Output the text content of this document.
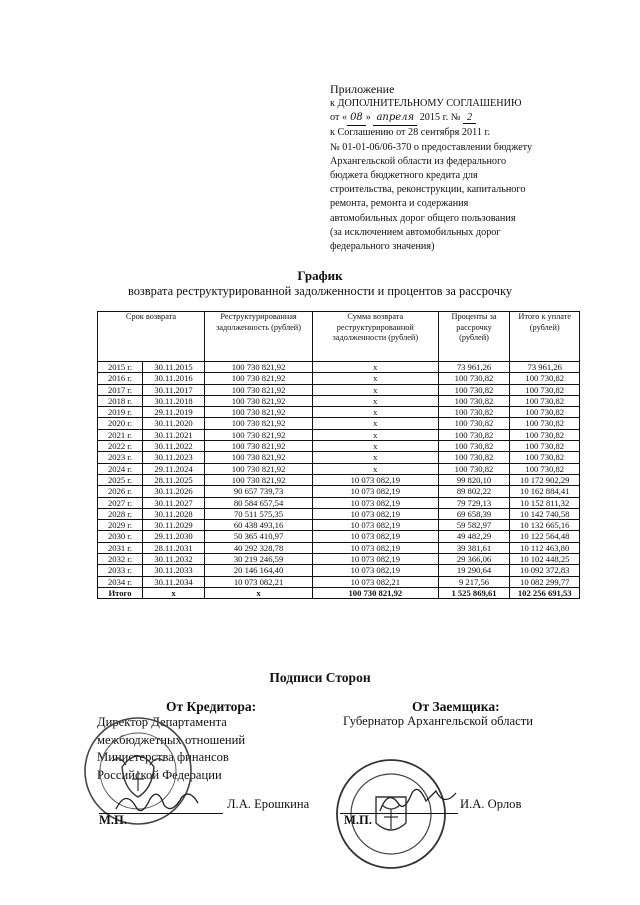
Приложение
к ДОПОЛНИТЕЛЬНОМУ СОГЛАШЕНИЮ
от « 08 » апреля 2015 г. № 2
к Соглашению от 28 сентября 2011 г.
№ 01-01-06/06-370 о предоставлении бюджету
Архангельской области из федерального
бюджета бюджетного кредита для
строительства, реконструкции, капитального
ремонта, ремонта и содержания
автомобильных дорог общего пользования
(за исключением автомобильных дорог
федерального значения)
График
возврата реструктурированной задолженности и процентов за рассрочку
Срок возврата		Реструктурированная задолженность (рублей)	Сумма возврата реструктурированной задолженности (рублей)	Проценты за рассрочку (рублей)	Итого к уплате (рублей)
2015 г.	30.11.2015	100 730 821,92	x	73 961,26	73 961,26
2016 г.	30.11.2016	100 730 821,92	x	100 730,82	100 730,82
2017 г.	30.11.2017	100 730 821,92	x	100 730,82	100 730,82
2018 г.	30.11.2018	100 730 821,92	x	100 730,82	100 730,82
2019 г.	29.11.2019	100 730 821,92	x	100 730,82	100 730,82
2020 г.	30.11.2020	100 730 821,92	x	100 730,82	100 730,82
2021 г.	30.11.2021	100 730 821,92	x	100 730,82	100 730,82
2022 г.	30.11.2022	100 730 821,92	x	100 730,82	100 730,82
2023 г.	30.11.2023	100 730 821,92	x	100 730,82	100 730,82
2024 г.	29.11.2024	100 730 821,92	x	100 730,82	100 730,82
2025 г.	28.11.2025	100 730 821,92	10 073 082,19	99 820,10	10 172 902,29
2026 г.	30.11.2026	90 657 739,73	10 073 082,19	89 802,22	10 162 884,41
2027 г.	30.11.2027	80 584 657,54	10 073 082,19	79 729,13	10 152 811,32
2028 г.	30.11.2028	70 511 575,35	10 073 082,19	69 658,39	10 142 740,58
2029 г.	30.11.2029	60 438 493,16	10 073 082,19	59 582,97	10 132 665,16
2030 г.	29.11.2030	50 365 410,97	10 073 082,19	49 482,29	10 122 564,48
2031 г.	28.11.2031	40 292 328,78	10 073 082,19	39 381,61	10 112 463,80
2032 г.	30.11.2032	30 219 246,59	10 073 082,19	29 366,06	10 102 448,25
2033 г.	30.11.2033	20 146 164,40	10 073 082,19	19 290,64	10 092 372,83
2034 г.	30.11.2034	10 073 082,21	10 073 082,21	9 217,56	10 082 299,77
Итого	x	x	100 730 821,92	1 525 869,61	102 256 691,53
Подписи Сторон
От Кредитора:	От Заемщика:
Директор Департамента
межбюджетных отношений
Министерства финансов
Российской Федерации
Губернатор Архангельской области
Л.А. Ерошкина	И.А. Орлов
М.П.	М.П.
